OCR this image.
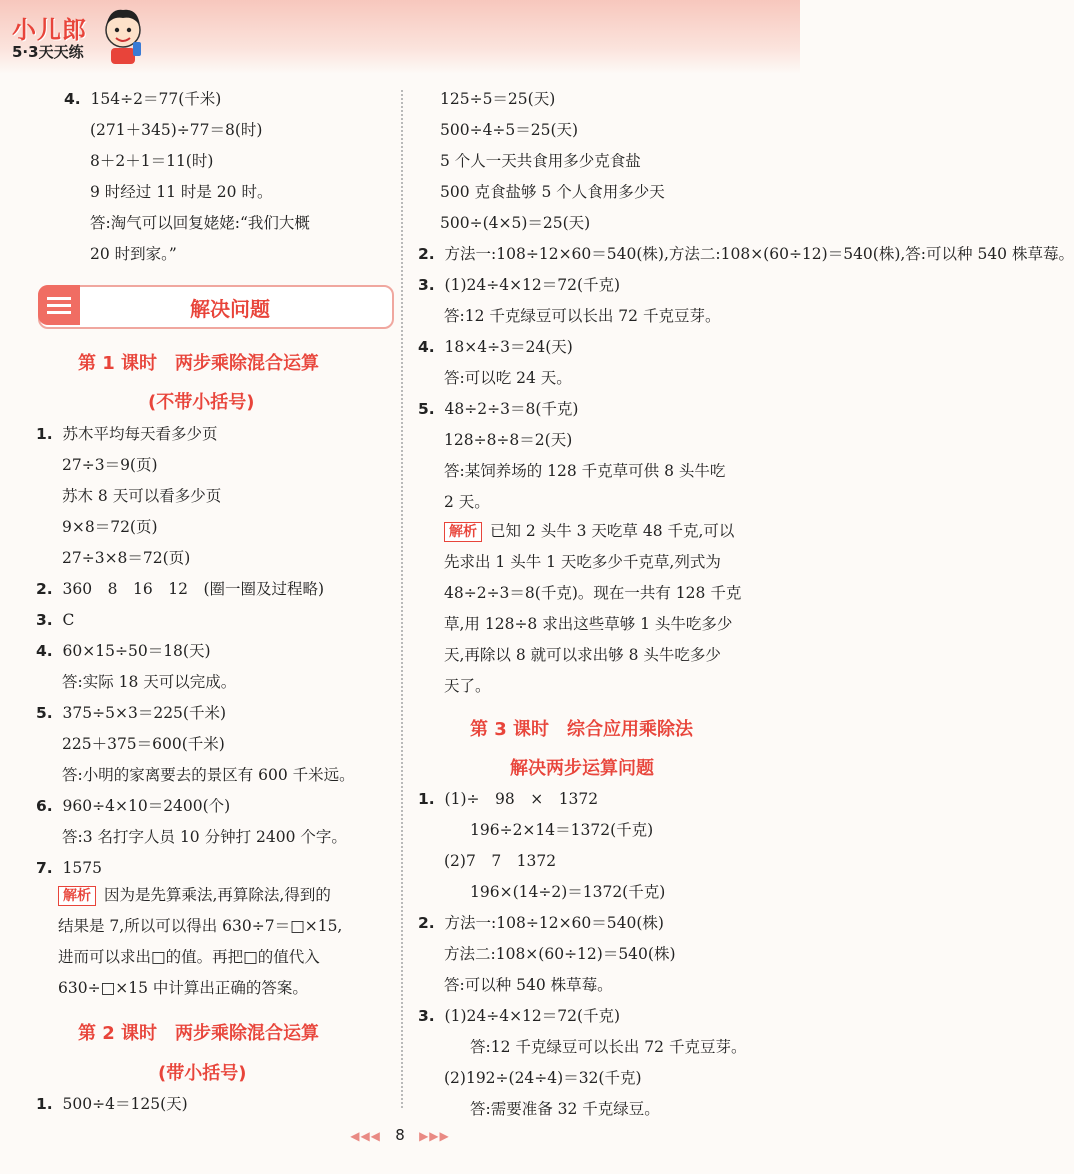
小儿郎
5·3天天练
4. 154÷2＝77(千米)
(271＋345)÷77＝8(时)
8＋2＋1＝11(时)
9 时经过 11 时是 20 时。
答:淘气可以回复姥姥:“我们大概
20 时到家。”
解决问题
第 1 课时　两步乘除混合运算
(不带小括号)
1. 苏木平均每天看多少页
27÷3＝9(页)
苏木 8 天可以看多少页
9×8＝72(页)
27÷3×8＝72(页)
2. 360　8　16　12　(圈一圈及过程略)
3. C
4. 60×15÷50＝18(天)
答:实际 18 天可以完成。
5. 375÷5×3＝225(千米)
225＋375＝600(千米)
答:小明的家离要去的景区有 600 千米远。
6. 960÷4×10＝2400(个)
答:3 名打字人员 10 分钟打 2400 个字。
7. 1575
解析 因为是先算乘法,再算除法,得到的
结果是 7,所以可以得出 630÷7＝□×15,
进而可以求出□的值。再把□的值代入
630÷□×15 中计算出正确的答案。
第 2 课时　两步乘除混合运算
(带小括号)
1. 500÷4＝125(天)
125÷5＝25(天)
500÷4÷5＝25(天)
5 个人一天共食用多少克食盐
500 克食盐够 5 个人食用多少天
500÷(4×5)＝25(天)
2. 方法一:108÷12×60＝540(株),方法二:108×(60÷12)＝540(株),答:可以种 540 株草莓。
3. (1)24÷4×12＝72(千克)
答:12 千克绿豆可以长出 72 千克豆芽。
4. 18×4÷3＝24(天)
答:可以吃 24 天。
5. 48÷2÷3＝8(千克)
128÷8÷8＝2(天)
答:某饲养场的 128 千克草可供 8 头牛吃
2 天。
解析 已知 2 头牛 3 天吃草 48 千克,可以
先求出 1 头牛 1 天吃多少千克草,列式为
48÷2÷3＝8(千克)。现在一共有 128 千克
草,用 128÷8 求出这些草够 1 头牛吃多少
天,再除以 8 就可以求出够 8 头牛吃多少
天了。
第 3 课时　综合应用乘除法
解决两步运算问题
1. (1)÷　98　×　1372
196÷2×14＝1372(千克)
(2)7　7　1372
196×(14÷2)＝1372(千克)
2. 方法一:108÷12×60＝540(株)
方法二:108×(60÷12)＝540(株)
答:可以种 540 株草莓。
3. (1)24÷4×12＝72(千克)
答:12 千克绿豆可以长出 72 千克豆芽。
(2)192÷(24÷4)＝32(千克)
答:需要准备 32 千克绿豆。
◀◀◀ 8 ▶▶▶
